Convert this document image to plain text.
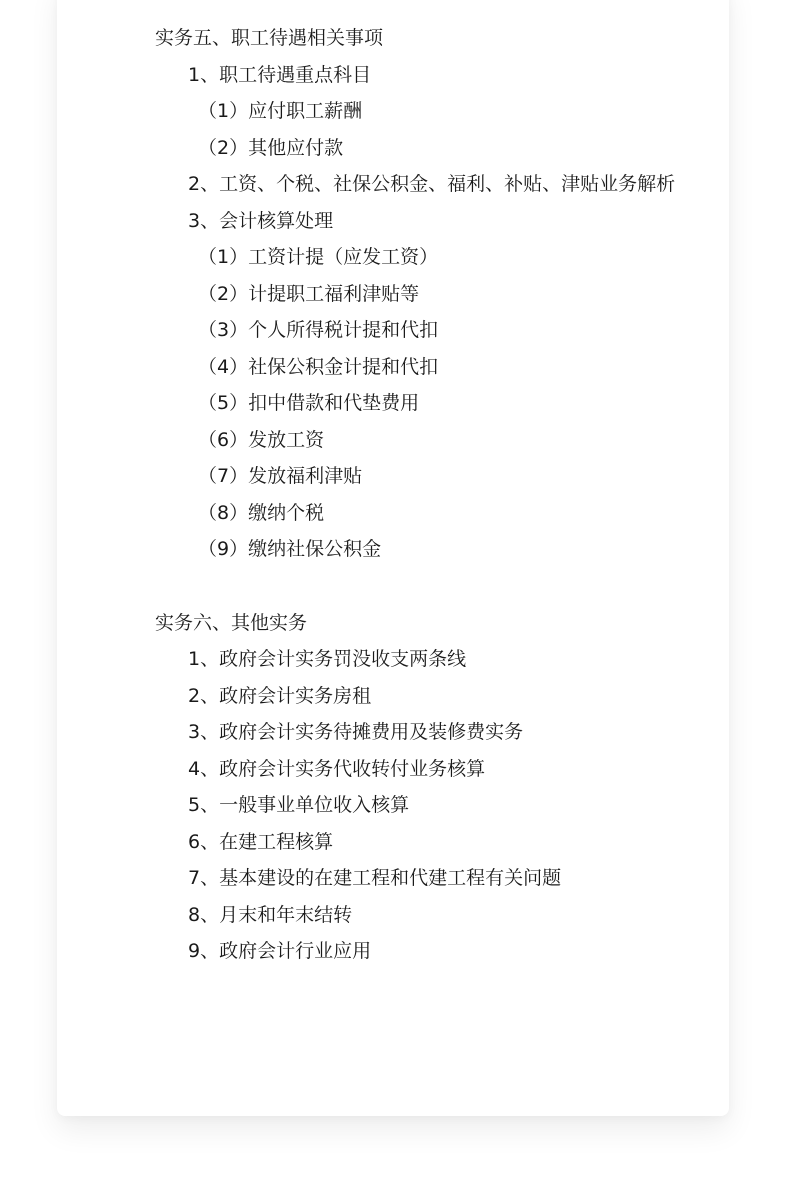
实务五、职工待遇相关事项
1、职工待遇重点科目
（1）应付职工薪酬
（2）其他应付款
2、工资、个税、社保公积金、福利、补贴、津贴业务解析
3、会计核算处理
（1）工资计提（应发工资）
（2）计提职工福利津贴等
（3）个人所得税计提和代扣
（4）社保公积金计提和代扣
（5）扣中借款和代垫费用
（6）发放工资
（7）发放福利津贴
（8）缴纳个税
（9）缴纳社保公积金
实务六、其他实务
1、政府会计实务罚没收支两条线
2、政府会计实务房租
3、政府会计实务待摊费用及装修费实务
4、政府会计实务代收转付业务核算
5、一般事业单位收入核算
6、在建工程核算
7、基本建设的在建工程和代建工程有关问题
8、月末和年末结转
9、政府会计行业应用
